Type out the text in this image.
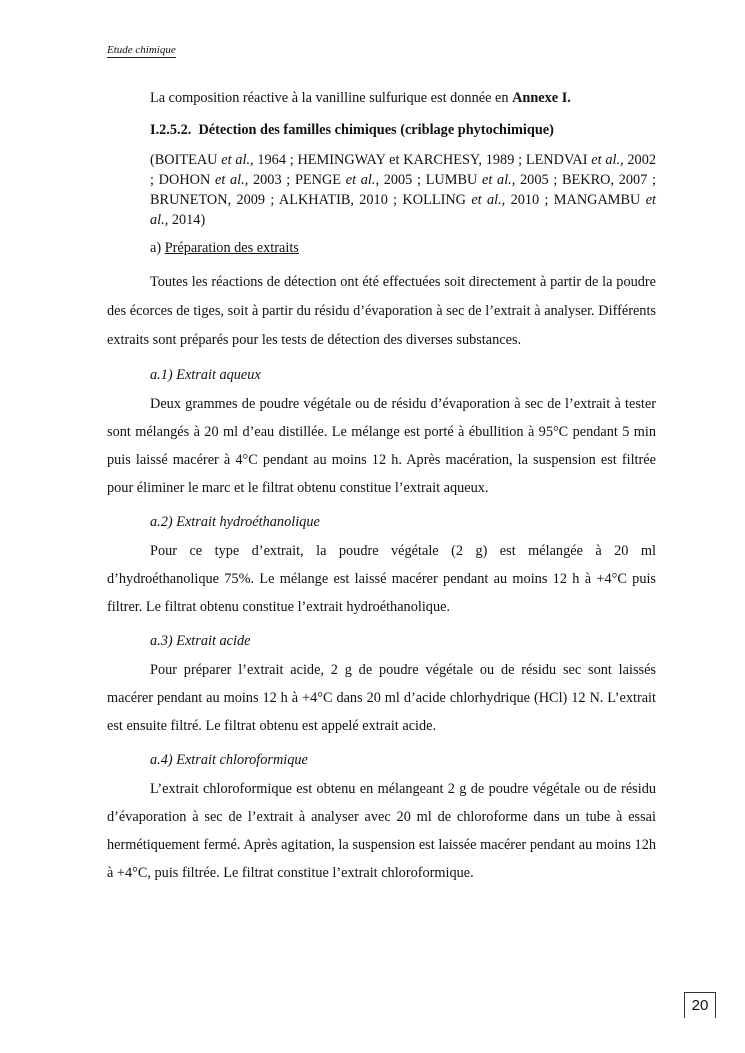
Etude chimique

La composition réactive à la vanilline sulfurique est donnée en Annexe I.

I.2.5.2. Détection des familles chimiques (criblage phytochimique)

(BOITEAU et al., 1964 ; HEMINGWAY et KARCHESY, 1989 ; LENDVAI et al., 2002 ; DOHON et al., 2003 ; PENGE et al., 2005 ; LUMBU et al., 2005 ; BEKRO, 2007 ; BRUNETON, 2009 ; ALKHATIB, 2010 ; KOLLING et al., 2010 ; MANGAMBU et al., 2014)

a) Préparation des extraits

Toutes les réactions de détection ont été effectuées soit directement à partir de la poudre des écorces de tiges, soit à partir du résidu d’évaporation à sec de l’extrait à analyser. Différents extraits sont préparés pour les tests de détection des diverses substances.

a.1) Extrait aqueux

Deux grammes de poudre végétale ou de résidu d’évaporation à sec de l’extrait à tester sont mélangés à 20 ml d’eau distillée. Le mélange est porté à ébullition à 95°C pendant 5 min puis laissé macérer à 4°C pendant au moins 12 h. Après macération, la suspension est filtrée pour éliminer le marc et le filtrat obtenu constitue l’extrait aqueux.

a.2) Extrait hydroéthanolique

Pour ce type d’extrait, la poudre végétale (2 g) est mélangée à 20 ml d’hydroéthanolique 75%. Le mélange est laissé macérer pendant au moins 12 h à +4°C puis filtrer. Le filtrat obtenu constitue l’extrait hydroéthanolique.

a.3) Extrait acide

Pour préparer l’extrait acide, 2 g de poudre végétale ou de résidu sec sont laissés macérer pendant au moins 12 h à +4°C dans 20 ml d’acide chlorhydrique (HCl) 12 N. L’extrait est ensuite filtré. Le filtrat obtenu est appelé extrait acide.

a.4) Extrait chloroformique

L’extrait chloroformique est obtenu en mélangeant 2 g de poudre végétale ou de résidu d’évaporation à sec de l’extrait à analyser avec 20 ml de chloroforme dans un tube à essai hermétiquement fermé. Après agitation, la suspension est laissée macérer pendant au moins 12h à +4°C, puis filtrée. Le filtrat constitue l’extrait chloroformique.

20
